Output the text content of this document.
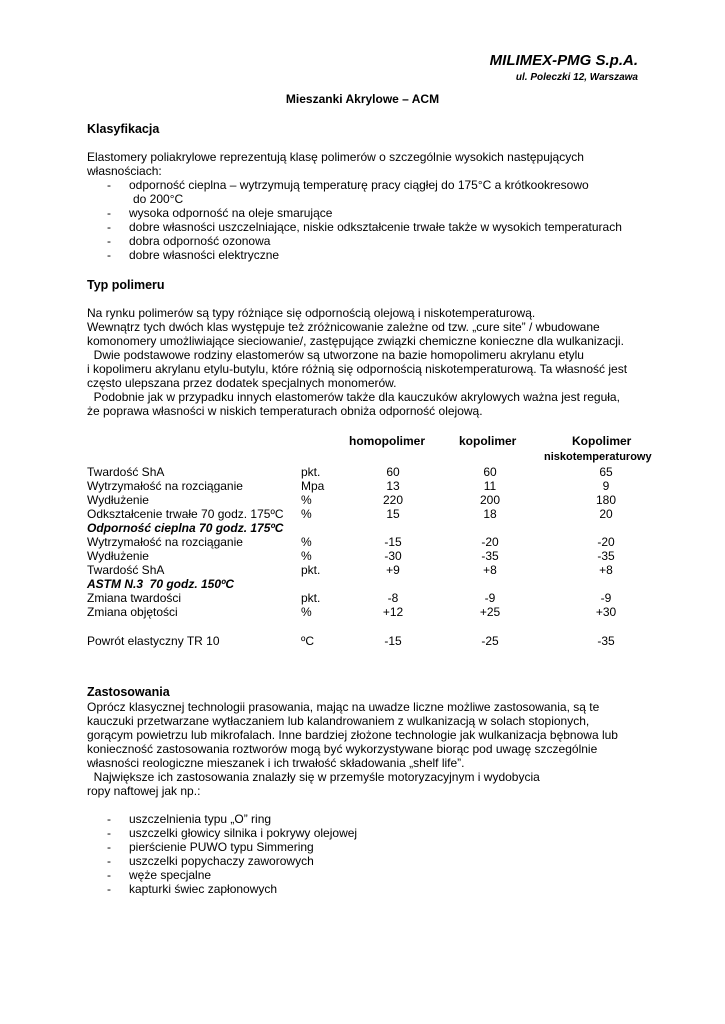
MILIMEX-PMG S.p.A.
ul. Poleczki 12, Warszawa
Mieszanki Akrylowe – ACM
Klasyfikacja
Elastomery poliakrylowe reprezentują klasę polimerów o szczególnie wysokich następujących
własnościach:
- odporność cieplna – wytrzymują temperaturę pracy ciągłej do 175°C a krótkookresowo
do 200°C
- wysoka odporność na oleje smarujące
- dobre własności uszczelniające, niskie odkształcenie trwałe także w wysokich temperaturach
- dobra odporność ozonowa
- dobre własności elektryczne
Typ polimeru
Na rynku polimerów są typy różniące się odpornością olejową i niskotemperaturową.
Wewnątrz tych dwóch klas występuje też zróżnicowanie zależne od tzw. „cure site” / wbudowane
komonomery umożliwiające sieciowanie/, zastępujące związki chemiczne konieczne dla wulkanizacji.
Dwie podstawowe rodziny elastomerów są utworzone na bazie homopolimeru akrylanu etylu
i kopolimeru akrylanu etylu-butylu, które różnią się odpornością niskotemperaturową. Ta własność jest
często ulepszana przez dodatek specjalnych monomerów.
Podobnie jak w przypadku innych elastomerów także dla kauczuków akrylowych ważna jest reguła,
że poprawa własności w niskich temperaturach obniża odporność olejową.
homopolimer	kopolimer	Kopolimer
niskotemperaturowy
Twardość ShA	pkt.	60	60	65
Wytrzymałość na rozciąganie	Mpa	13	11	9
Wydłużenie	%	220	200	180
Odkształcenie trwałe 70 godz. 175ºC %	15	18	20
Odporność cieplna 70 godz. 175ºC
Wytrzymałość na rozciąganie	%	-15	-20	-20
Wydłużenie	%	-30	-35	-35
Twardość ShA	pkt.	+9	+8	+8
ASTM N.3  70 godz. 150ºC
Zmiana twardości	pkt.	-8	-9	-9
Zmiana objętości	%	+12	+25	+30
Powrót elastyczny TR 10	ºC	-15	-25	-35
Zastosowania
Oprócz klasycznej technologii prasowania, mając na uwadze liczne możliwe zastosowania, są te
kauczuki przetwarzane wytłaczaniem lub kalandrowaniem z wulkanizacją w solach stopionych,
gorącym powietrzu lub mikrofalach. Inne bardziej złożone technologie jak wulkanizacja bębnowa lub
konieczność zastosowania roztworów mogą być wykorzystywane biorąc pod uwagę szczególnie
własności reologiczne mieszanek i ich trwałość składowania „shelf life”.
Największe ich zastosowania znalazły się w przemyśle motoryzacyjnym i wydobycia
ropy naftowej jak np.:
- uszczelnienia typu „O” ring
- uszczelki głowicy silnika i pokrywy olejowej
- pierścienie PUWO typu Simmering
- uszczelki popychaczy zaworowych
- węże specjalne
- kapturki świec zapłonowych
